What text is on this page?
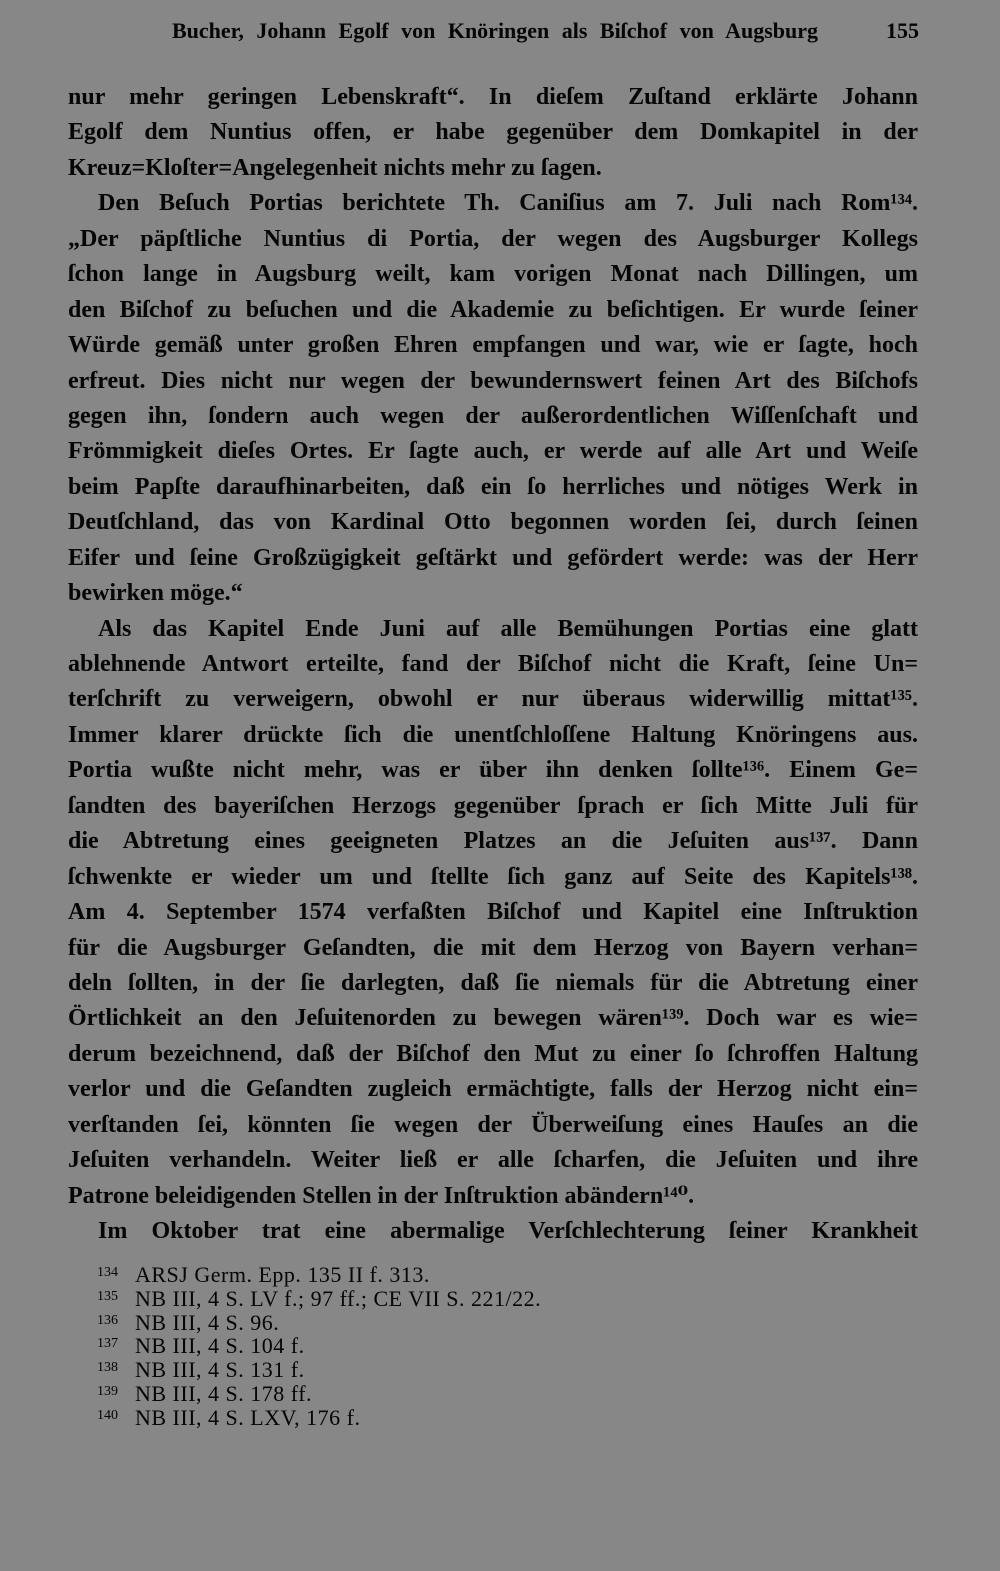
Bucher, Johann Egolf von Knöringen als Biſchof von Augsburg	155
nur mehr geringen Lebenskraft“. In dieſem Zuſtand erklärte Johann
Egolf dem Nuntius offen, er habe gegenüber dem Domkapitel in der
Kreuz=Kloſter=Angelegenheit nichts mehr zu ſagen.
Den Beſuch Portias berichtete Th. Caniſius am 7. Juli nach Rom¹³⁴.
„Der päpſtliche Nuntius di Portia, der wegen des Augsburger Kollegs
ſchon lange in Augsburg weilt, kam vorigen Monat nach Dillingen, um
den Biſchof zu beſuchen und die Akademie zu beſichtigen. Er wurde ſeiner
Würde gemäß unter großen Ehren empfangen und war, wie er ſagte, hoch
erfreut. Dies nicht nur wegen der bewundernswert feinen Art des Biſchofs
gegen ihn, ſondern auch wegen der außerordentlichen Wiſſenſchaft und
Frömmigkeit dieſes Ortes. Er ſagte auch, er werde auf alle Art und Weiſe
beim Papſte daraufhinarbeiten, daß ein ſo herrliches und nötiges Werk in
Deutſchland, das von Kardinal Otto begonnen worden ſei, durch ſeinen
Eifer und ſeine Großzügigkeit geſtärkt und gefördert werde: was der Herr
bewirken möge.“
Als das Kapitel Ende Juni auf alle Bemühungen Portias eine glatt
ablehnende Antwort erteilte, fand der Biſchof nicht die Kraft, ſeine Un=
terſchrift zu verweigern, obwohl er nur überaus widerwillig mittat¹³⁵.
Immer klarer drückte ſich die unentſchloſſene Haltung Knöringens aus.
Portia wußte nicht mehr, was er über ihn denken ſollte¹³⁶. Einem Ge=
ſandten des bayeriſchen Herzogs gegenüber ſprach er ſich Mitte Juli für
die Abtretung eines geeigneten Platzes an die Jeſuiten aus¹³⁷. Dann
ſchwenkte er wieder um und ſtellte ſich ganz auf Seite des Kapitels¹³⁸.
Am 4. September 1574 verfaßten Biſchof und Kapitel eine Inſtruktion
für die Augsburger Geſandten, die mit dem Herzog von Bayern verhan=
deln ſollten, in der ſie darlegten, daß ſie niemals für die Abtretung einer
Örtlichkeit an den Jeſuitenorden zu bewegen wären¹³⁹. Doch war es wie=
derum bezeichnend, daß der Biſchof den Mut zu einer ſo ſchroffen Haltung
verlor und die Geſandten zugleich ermächtigte, falls der Herzog nicht ein=
verſtanden ſei, könnten ſie wegen der Überweiſung eines Hauſes an die
Jeſuiten verhandeln. Weiter ließ er alle ſcharfen, die Jeſuiten und ihre
Patrone beleidigenden Stellen in der Inſtruktion abändern¹⁴⁰.
Im Oktober trat eine abermalige Verſchlechterung ſeiner Krankheit
134 ARSJ Germ. Epp. 135 II f. 313.
135 NB III, 4 S. LV f.; 97 ff.; CE VII S. 221/22.
136 NB III, 4 S. 96.
137 NB III, 4 S. 104 f.
138 NB III, 4 S. 131 f.
139 NB III, 4 S. 178 ff.
140 NB III, 4 S. LXV, 176 f.
